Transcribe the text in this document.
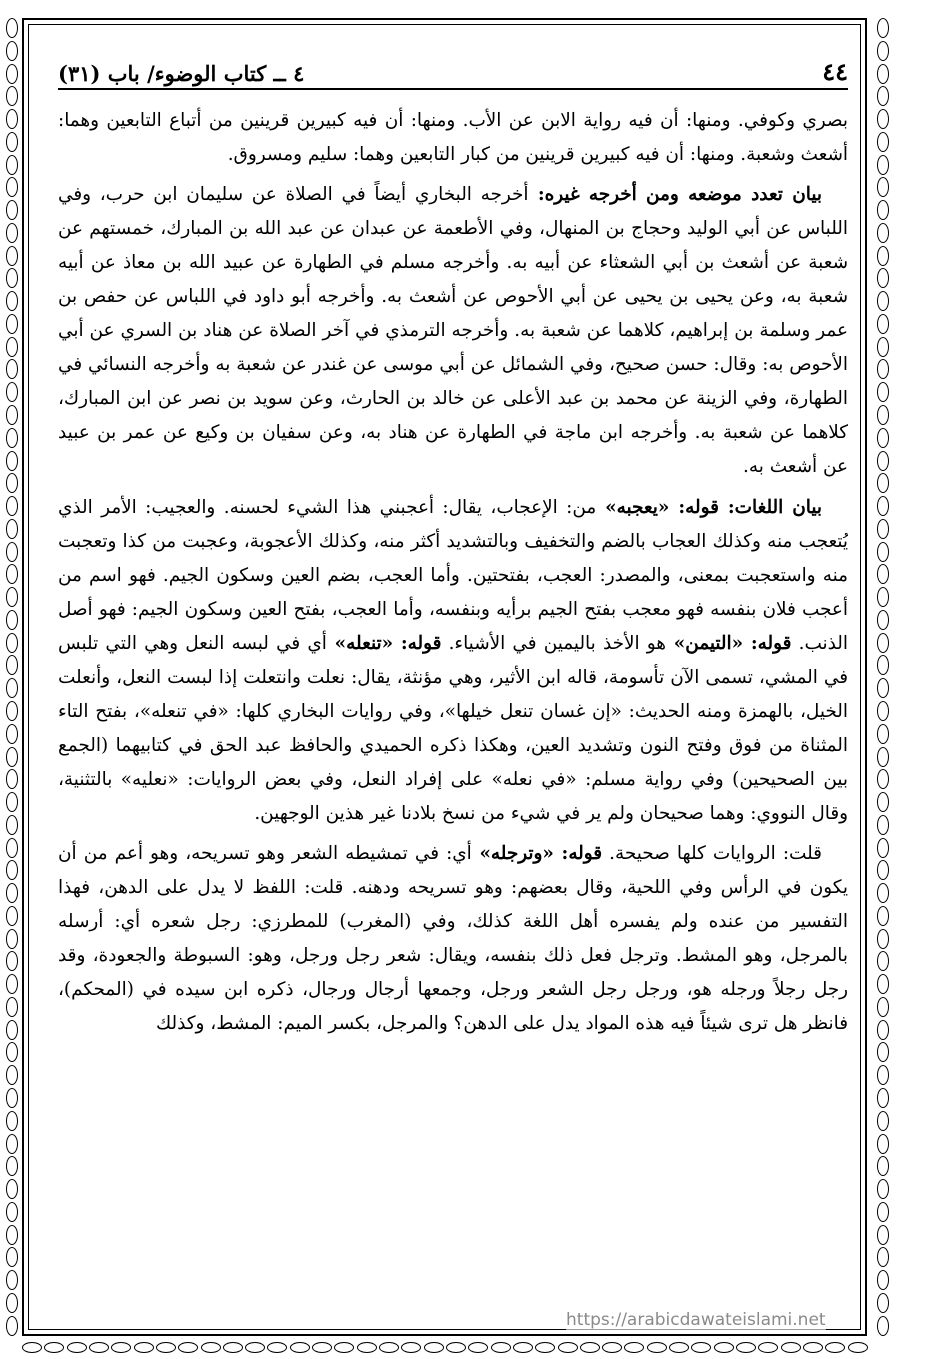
٤٤
٤ ــ كتاب الوضوء/ باب (٣١)

بصري وكوفي. ومنها: أن فيه رواية الابن عن الأب. ومنها: أن فيه كبيرين قرينين من أتباع التابعين وهما: أشعث وشعبة. ومنها: أن فيه كبيرين قرينين من كبار التابعين وهما: سليم ومسروق.

بيان تعدد موضعه ومن أخرجه غيره: أخرجه البخاري أيضاً في الصلاة عن سليمان ابن حرب، وفي اللباس عن أبي الوليد وحجاج بن المنهال، وفي الأطعمة عن عبدان عن عبد الله بن المبارك، خمستهم عن شعبة عن أشعث بن أبي الشعثاء عن أبيه به. وأخرجه مسلم في الطهارة عن عبيد الله بن معاذ عن أبيه شعبة به، وعن يحيى بن يحيى عن أبي الأحوص عن أشعث به. وأخرجه أبو داود في اللباس عن حفص بن عمر وسلمة بن إبراهيم، كلاهما عن شعبة به. وأخرجه الترمذي في آخر الصلاة عن هناد بن السري عن أبي الأحوص به: وقال: حسن صحيح، وفي الشمائل عن أبي موسى عن غندر عن شعبة به وأخرجه النسائي في الطهارة، وفي الزينة عن محمد بن عبد الأعلى عن خالد بن الحارث، وعن سويد بن نصر عن ابن المبارك، كلاهما عن شعبة به. وأخرجه ابن ماجة في الطهارة عن هناد به، وعن سفيان بن وكيع عن عمر بن عبيد عن أشعث به.

بيان اللغات: قوله: «يعجبه» من: الإعجاب، يقال: أعجبني هذا الشيء لحسنه. والعجيب: الأمر الذي يُتعجب منه وكذلك العجاب بالضم والتخفيف وبالتشديد أكثر منه، وكذلك الأعجوبة، وعجبت من كذا وتعجبت منه واستعجبت بمعنى، والمصدر: العجب، بفتحتين. وأما العجب، بضم العين وسكون الجيم. فهو اسم من أعجب فلان بنفسه فهو معجب بفتح الجيم برأيه وبنفسه، وأما العجب، بفتح العين وسكون الجيم: فهو أصل الذنب. قوله: «التيمن» هو الأخذ باليمين في الأشياء. قوله: «تنعله» أي في لبسه النعل وهي التي تلبس في المشي، تسمى الآن تأسومة، قاله ابن الأثير، وهي مؤنثة، يقال: نعلت وانتعلت إذا لبست النعل، وأنعلت الخيل، بالهمزة ومنه الحديث: «إن غسان تنعل خيلها»، وفي روايات البخاري كلها: «في تنعله»، بفتح التاء المثناة من فوق وفتح النون وتشديد العين، وهكذا ذكره الحميدي والحافظ عبد الحق في كتابيهما (الجمع بين الصحيحين) وفي رواية مسلم: «في نعله» على إفراد النعل، وفي بعض الروايات: «نعليه» بالتثنية، وقال النووي: وهما صحيحان ولم ير في شيء من نسخ بلادنا غير هذين الوجهين.

قلت: الروايات كلها صحيحة. قوله: «وترجله» أي: في تمشيطه الشعر وهو تسريحه، وهو أعم من أن يكون في الرأس وفي اللحية، وقال بعضهم: وهو تسريحه ودهنه. قلت: اللفظ لا يدل على الدهن، فهذا التفسير من عنده ولم يفسره أهل اللغة كذلك، وفي (المغرب) للمطرزي: رجل شعره أي: أرسله بالمرجل، وهو المشط. وترجل فعل ذلك بنفسه، ويقال: شعر رجل ورجل، وهو: السبوطة والجعودة، وقد رجل رجلاً ورجله هو، ورجل رجل الشعر ورجل، وجمعها أرجال ورجال، ذكره ابن سيده في (المحكم)، فانظر هل ترى شيئاً فيه هذه المواد يدل على الدهن؟ والمرجل، بكسر الميم: المشط، وكذلك

https://arabicdawateislami.net
